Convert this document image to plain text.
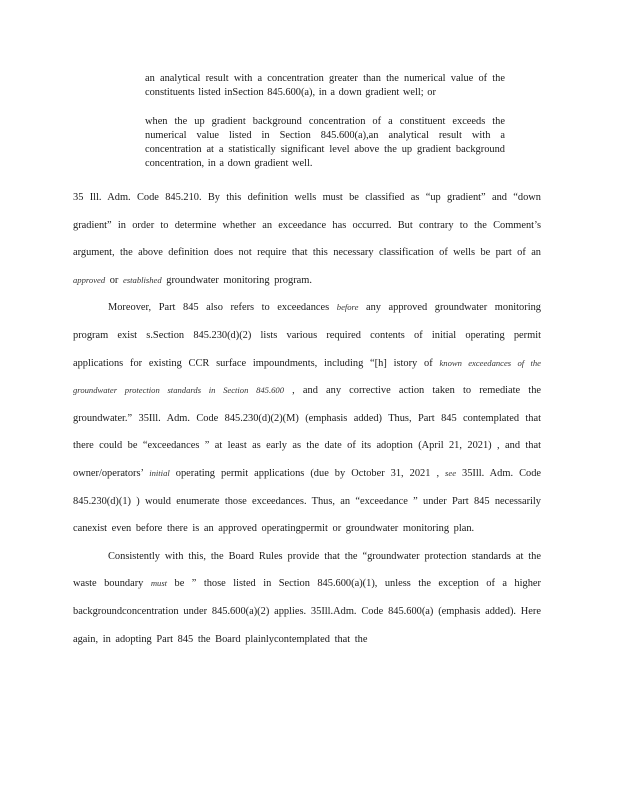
an analytical result with a concentration greater than the numerical value of the constituents listed inSection 845.600(a), in a down gradient well; or
when the up gradient background concentration of a constituent exceeds the numerical value listed in Section 845.600(a),an analytical result with a concentration at a statistically significant level above the up gradient background concentration, in a down gradient well.

35 Ill. Adm. Code 845.210. By this definition wells must be classified as “up gradient” and “down gradient” in order to determine whether an exceedance has occurred. But contrary to the Comment’s argument, the above definition does not require that this necessary classification of wells be part of an approved or established groundwater monitoring program.

Moreover, Part 845 also refers to exceedances before any approved groundwater monitoring program exist s.Section 845.230(d)(2) lists various required contents of initial operating permit applications for existing CCR surface impoundments, including “[h] istory of known exceedances of the groundwater protection standards in Section 845.600 , and any corrective action taken to remediate the groundwater.” 35Ill. Adm. Code 845.230(d)(2)(M) (emphasis added) Thus, Part 845 contemplated that there could be “exceedances ” at least as early as the date of its adoption (April 21, 2021) , and that owner/operators’ initial operating permit applications (due by October 31, 2021 , see 35Ill. Adm. Code 845.230(d)(1) ) would enumerate those exceedances. Thus, an “exceedance ” under Part 845 necessarily canexist even before there is an approved operatingpermit or groundwater monitoring plan.

Consistently with this, the Board Rules provide that the “groundwater protection standards at the waste boundary must be ” those listed in Section 845.600(a)(1), unless the exception of a higher backgroundconcentration under 845.600(a)(2) applies. 35Ill.Adm. Code 845.600(a) (emphasis added). Here again, in adopting Part 845 the Board plainlycontemplated that the
